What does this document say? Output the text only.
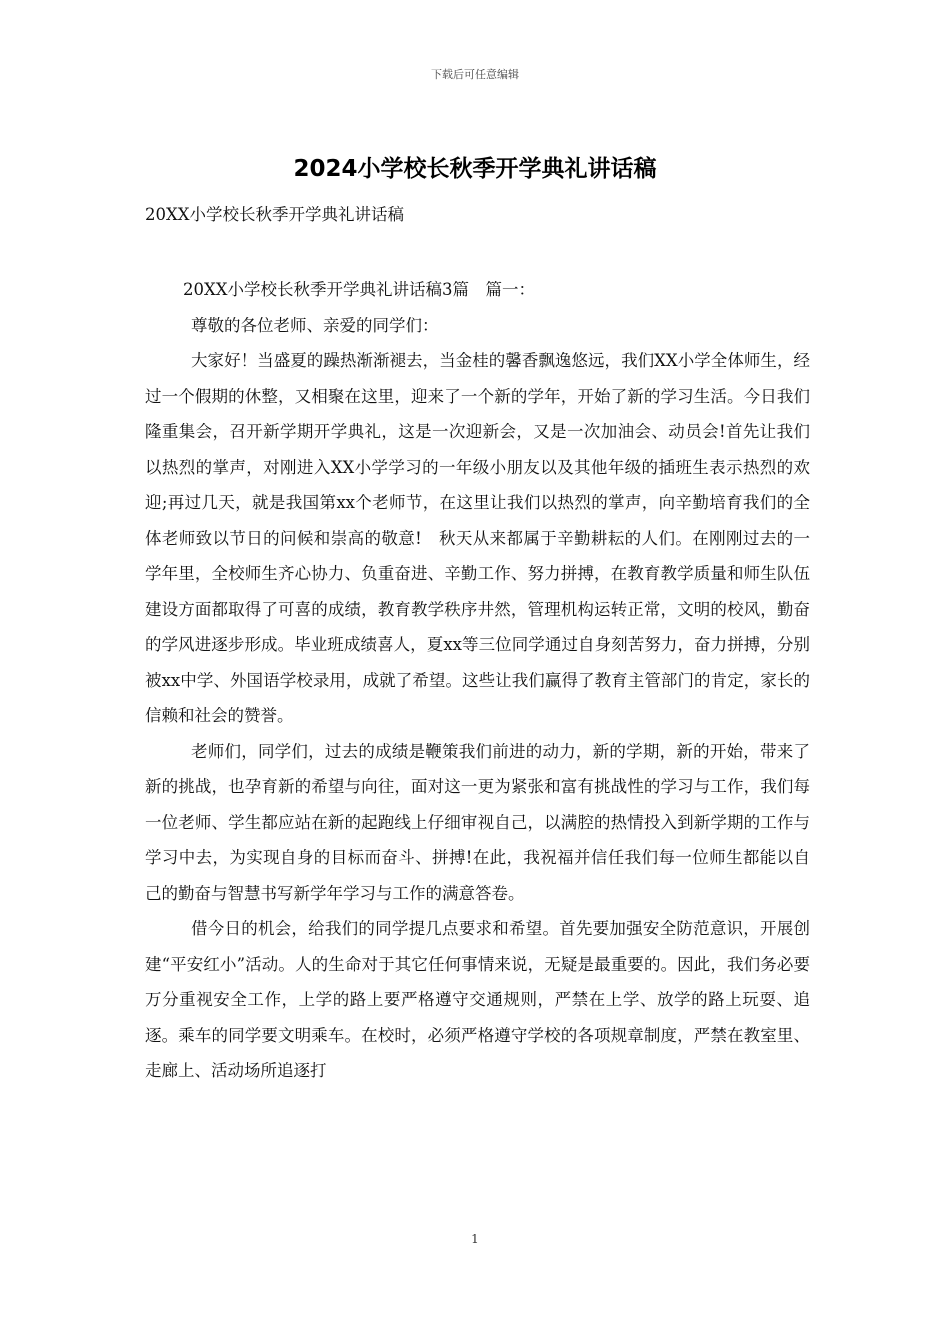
下载后可任意编辑
2024小学校长秋季开学典礼讲话稿
20XX小学校长秋季开学典礼讲话稿

20XX小学校长秋季开学典礼讲话稿3篇　篇一：

尊敬的各位老师、亲爱的同学们：

大家好！当盛夏的躁热渐渐褪去，当金桂的馨香飘逸悠远，我们XX小学全体师生，经过一个假期的休整，又相聚在这里，迎来了一个新的学年，开始了新的学习生活。今日我们隆重集会，召开新学期开学典礼，这是一次迎新会，又是一次加油会、动员会!首先让我们以热烈的掌声，对刚进入XX小学学习的一年级小朋友以及其他年级的插班生表示热烈的欢迎;再过几天，就是我国第xx个老师节，在这里让我们以热烈的掌声，向辛勤培育我们的全体老师致以节日的问候和崇高的敬意!　秋天从来都属于辛勤耕耘的人们。在刚刚过去的一学年里，全校师生齐心协力、负重奋进、辛勤工作、努力拼搏，在教育教学质量和师生队伍建设方面都取得了可喜的成绩，教育教学秩序井然，管理机构运转正常，文明的校风，勤奋的学风进逐步形成。毕业班成绩喜人，夏xx等三位同学通过自身刻苦努力，奋力拼搏，分别被xx中学、外国语学校录用，成就了希望。这些让我们赢得了教育主管部门的肯定，家长的信赖和社会的赞誉。

老师们，同学们，过去的成绩是鞭策我们前进的动力，新的学期，新的开始，带来了新的挑战，也孕育新的希望与向往，面对这一更为紧张和富有挑战性的学习与工作，我们每一位老师、学生都应站在新的起跑线上仔细审视自己，以满腔的热情投入到新学期的工作与学习中去，为实现自身的目标而奋斗、拼搏!在此，我祝福并信任我们每一位师生都能以自己的勤奋与智慧书写新学年学习与工作的满意答卷。

借今日的机会，给我们的同学提几点要求和希望。首先要加强安全防范意识，开展创建“平安红小”活动。人的生命对于其它任何事情来说，无疑是最重要的。因此，我们务必要万分重视安全工作，上学的路上要严格遵守交通规则，严禁在上学、放学的路上玩耍、追逐。乘车的同学要文明乘车。在校时，必须严格遵守学校的各项规章制度，严禁在教室里、走廊上、活动场所追逐打

1
